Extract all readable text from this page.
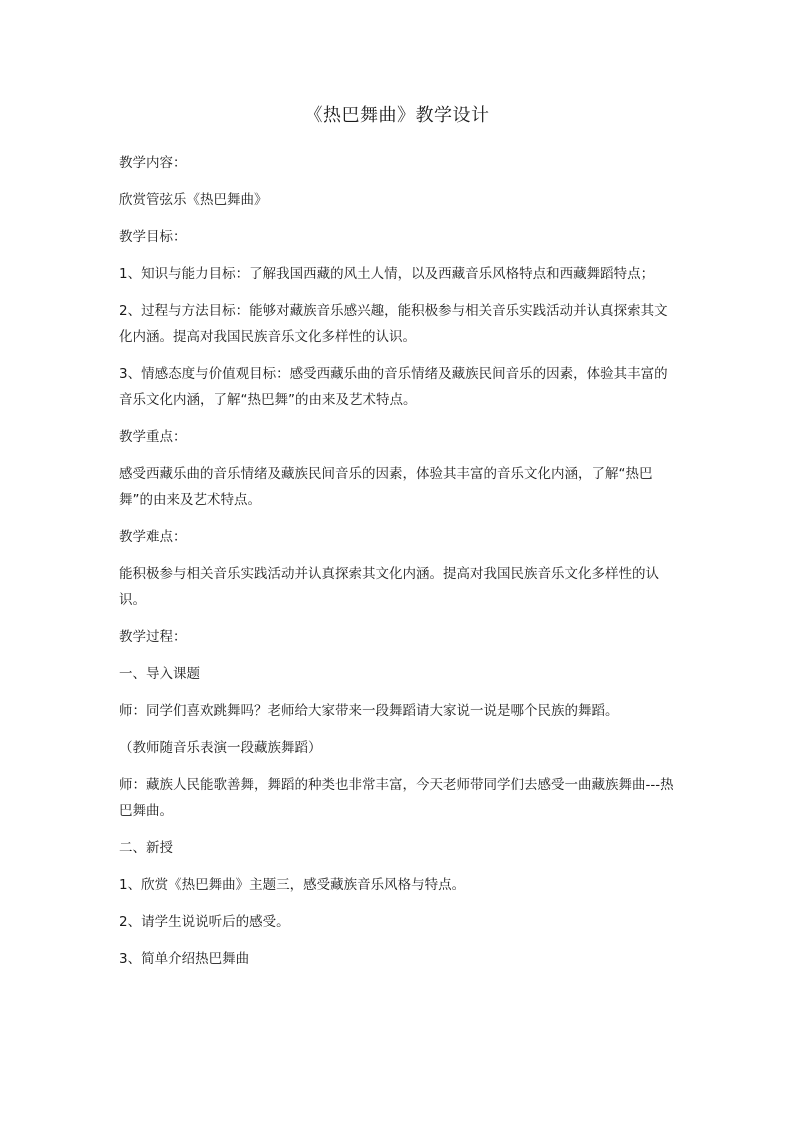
《热巴舞曲》教学设计

教学内容：

欣赏管弦乐《热巴舞曲》

教学目标：

1、知识与能力目标：了解我国西藏的风土人情，以及西藏音乐风格特点和西藏舞蹈特点；

2、过程与方法目标：能够对藏族音乐感兴趣，能积极参与相关音乐实践活动并认真探索其文化内涵。提高对我国民族音乐文化多样性的认识。

3、情感态度与价值观目标：感受西藏乐曲的音乐情绪及藏族民间音乐的因素，体验其丰富的音乐文化内涵，了解“热巴舞”的由来及艺术特点。

教学重点：

感受西藏乐曲的音乐情绪及藏族民间音乐的因素，体验其丰富的音乐文化内涵，了解“热巴舞”的由来及艺术特点。

教学难点：

能积极参与相关音乐实践活动并认真探索其文化内涵。提高对我国民族音乐文化多样性的认识。

教学过程：

一、导入课题

师：同学们喜欢跳舞吗？老师给大家带来一段舞蹈请大家说一说是哪个民族的舞蹈。

（教师随音乐表演一段藏族舞蹈）

师：藏族人民能歌善舞，舞蹈的种类也非常丰富，今天老师带同学们去感受一曲藏族舞曲---热巴舞曲。

二、新授

1、欣赏《热巴舞曲》主题三，感受藏族音乐风格与特点。

2、请学生说说听后的感受。

3、简单介绍热巴舞曲
